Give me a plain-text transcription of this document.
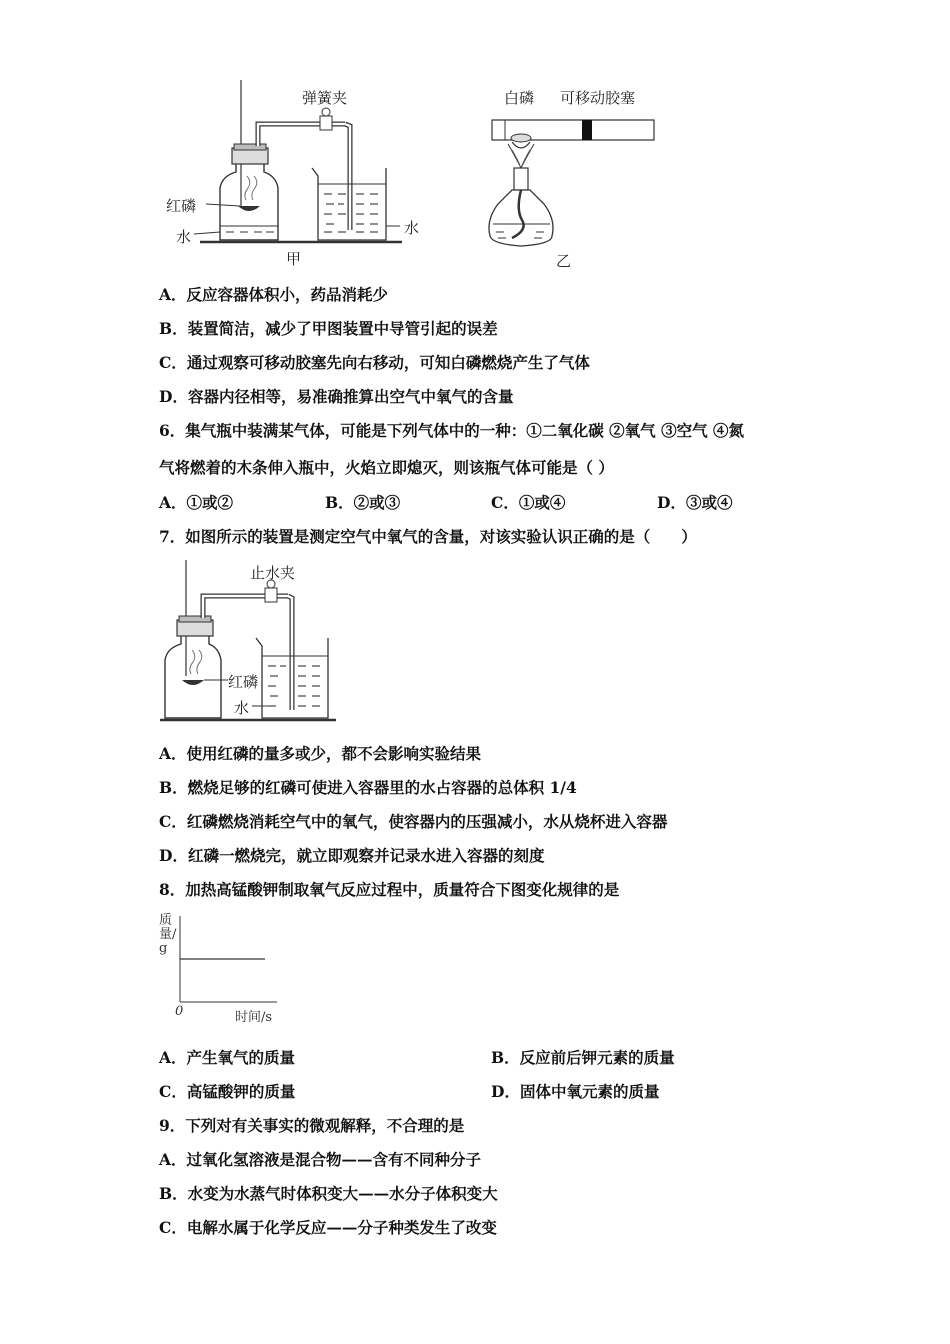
弹簧夹
红磷
水	水
甲
白磷 可移动胶塞
乙
A．反应容器体积小，药品消耗少
B．装置简洁，减少了甲图装置中导管引起的误差
C．通过观察可移动胶塞先向右移动，可知白磷燃烧产生了气体
D．容器内径相等，易准确推算出空气中氧气的含量
6．集气瓶中装满某气体，可能是下列气体中的一种：①二氧化碳 ②氧气 ③空气 ④氮
气将燃着的木条伸入瓶中，火焰立即熄灭，则该瓶气体可能是（ ）
A．①或②	B．②或③	C．①或④	D．③或④
7．如图所示的装置是测定空气中氧气的含量，对该实验认识正确的是（　　）
止水夹
红磷
水
A．使用红磷的量多或少，都不会影响实验结果
B．燃烧足够的红磷可使进入容器里的水占容器的总体积 1/4
C．红磷燃烧消耗空气中的氧气，使容器内的压强减小，水从烧杯进入容器
D．红磷一燃烧完，就立即观察并记录水进入容器的刻度
8．加热高锰酸钾制取氧气反应过程中，质量符合下图变化规律的是
质量/g
0	时间/s
A．产生氧气的质量	B．反应前后钾元素的质量
C．高锰酸钾的质量	D．固体中氧元素的质量
9．下列对有关事实的微观解释，不合理的是
A．过氧化氢溶液是混合物——含有不同种分子
B．水变为水蒸气时体积变大——水分子体积变大
C．电解水属于化学反应——分子种类发生了改变
